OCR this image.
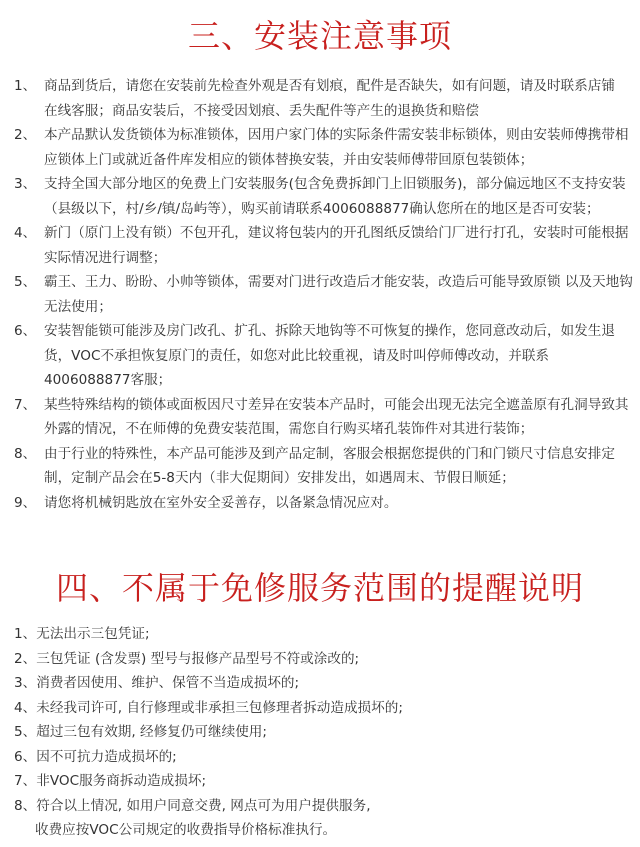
三、安装注意事项
1、 商品到货后，请您在安装前先检查外观是否有划痕，配件是否缺失，如有问题，请及时联系店铺　在线客服；商品安装后，不接受因划痕、丢失配件等产生的退换货和赔偿
2、 本产品默认发货锁体为标准锁体，因用户家门体的实际条件需安装非标锁体，则由安装师傅携带相应锁体上门或就近备件库发相应的锁体替换安装，并由安装师傅带回原包装锁体；
3、 支持全国大部分地区的免费上门安装服务(包含免费拆卸门上旧锁服务)，部分偏远地区不支持安装（县级以下，村/乡/镇/岛屿等），购买前请联系4006088877确认您所在的地区是否可安装；
4、 新门（原门上没有锁）不包开孔，建议将包装内的开孔图纸反馈给门厂进行打孔，安装时可能根据实际情况进行调整；
5、 霸王、王力、盼盼、小帅等锁体，需要对门进行改造后才能安装，改造后可能导致原锁 以及天地钩无法使用；
6、 安装智能锁可能涉及房门改孔、扩孔、拆除天地钩等不可恢复的操作，您同意改动后，如发生退货，VOC不承担恢复原门的责任，如您对此比较重视，请及时叫停师傅改动，并联系4006088877客服；
7、 某些特殊结构的锁体或面板因尺寸差异在安装本产品时，可能会出现无法完全遮盖原有孔洞导致其外露的情况，不在师傅的免费安装范围，需您自行购买堵孔装饰件对其进行装饰；
8、 由于行业的特殊性，本产品可能涉及到产品定制，客服会根据您提供的门和门锁尺寸信息安排定制，定制产品会在5-8天内（非大促期间）安排发出，如遇周末、节假日顺延；
9、 请您将机械钥匙放在室外安全妥善存，以备紧急情况应对。
四、不属于免修服务范围的提醒说明
1、 无法出示三包凭证;
2、 三包凭证 (含发票) 型号与报修产品型号不符或涂改的;
3、 消费者因使用、维护、保管不当造成损坏的;
4、 未经我司许可, 自行修理或非承担三包修理者拆动造成损坏的;
5、 超过三包有效期, 经修复仍可继续使用;
6、 因不可抗力造成损坏的;
7、 非VOC服务商拆动造成损坏;
8、 符合以上情况, 如用户同意交费, 网点可为用户提供服务,
收费应按VOC公司规定的收费指导价格标准执行。
